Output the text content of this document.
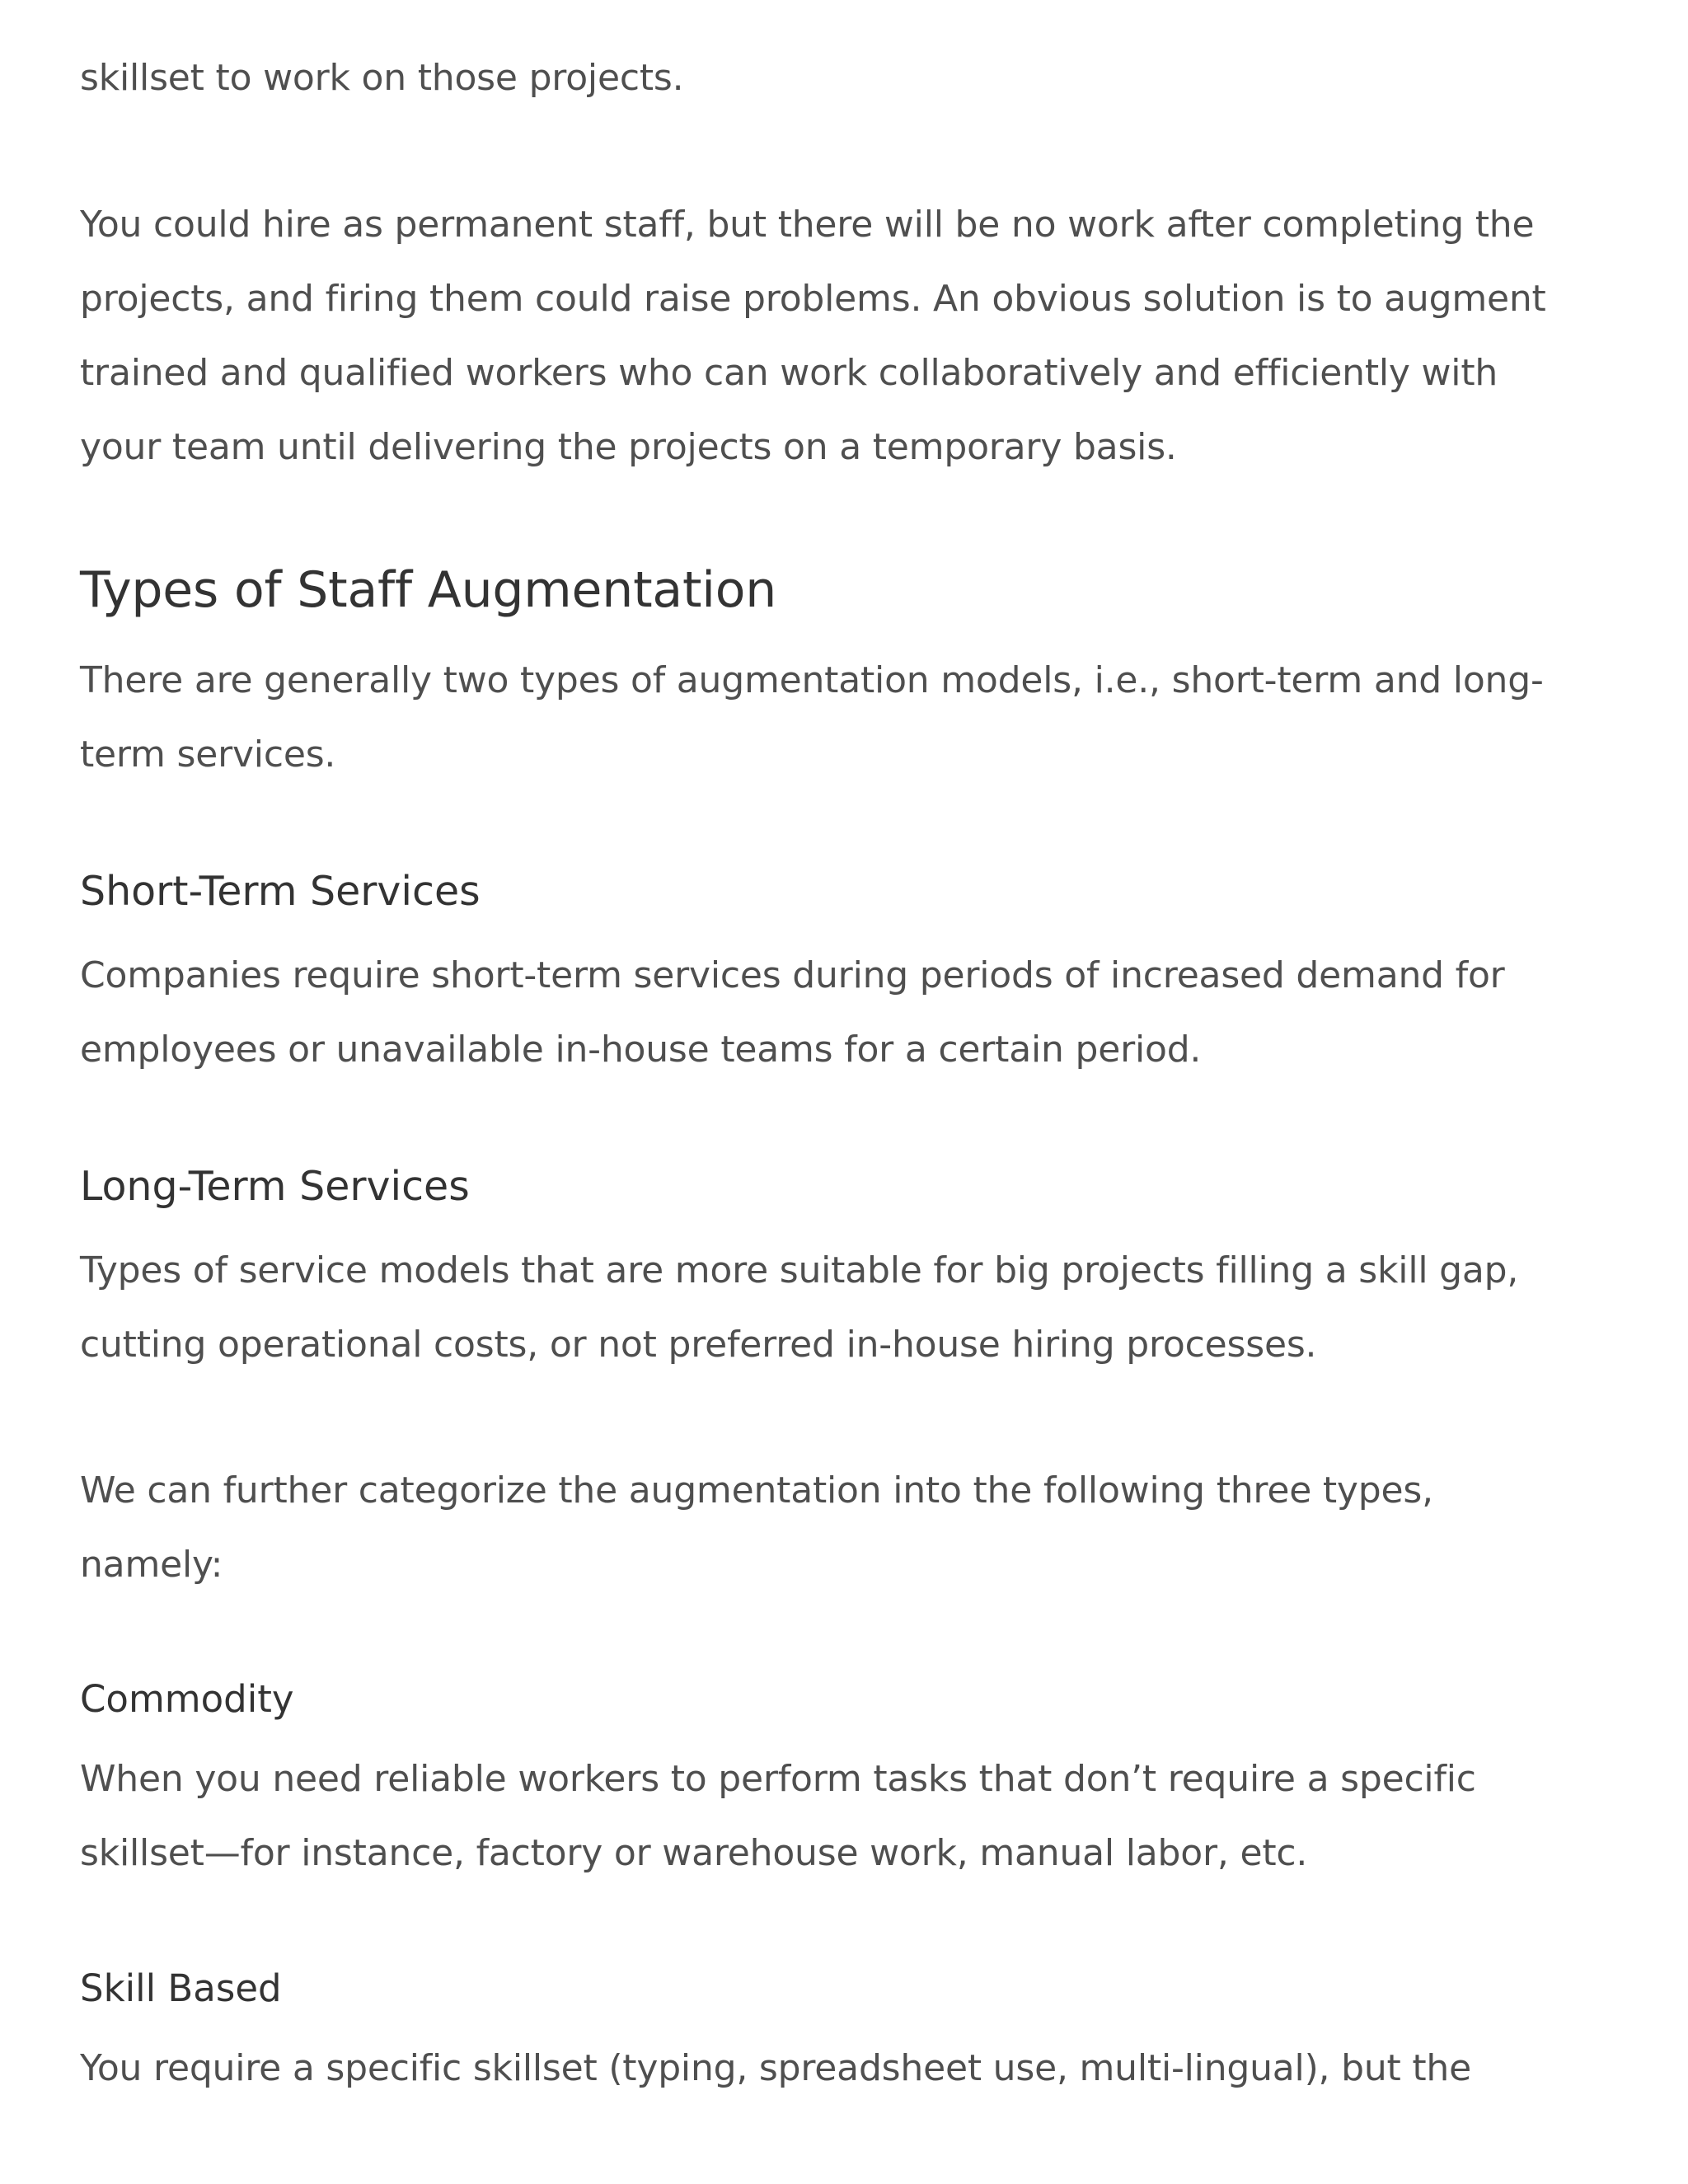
skillset to work on those projects.
You could hire as permanent staff, but there will be no work after completing the
projects, and firing them could raise problems. An obvious solution is to augment
trained and qualified workers who can work collaboratively and efficiently with
your team until delivering the projects on a temporary basis.
Types of Staff Augmentation
There are generally two types of augmentation models, i.e., short-term and long-
term services.
Short-Term Services
Companies require short-term services during periods of increased demand for
employees or unavailable in-house teams for a certain period.
Long-Term Services
Types of service models that are more suitable for big projects filling a skill gap,
cutting operational costs, or not preferred in-house hiring processes.
We can further categorize the augmentation into the following three types,
namely:
Commodity
When you need reliable workers to perform tasks that don’t require a specific
skillset—for instance, factory or warehouse work, manual labor, etc.
Skill Based
You require a specific skillset (typing, spreadsheet use, multi-lingual), but the
